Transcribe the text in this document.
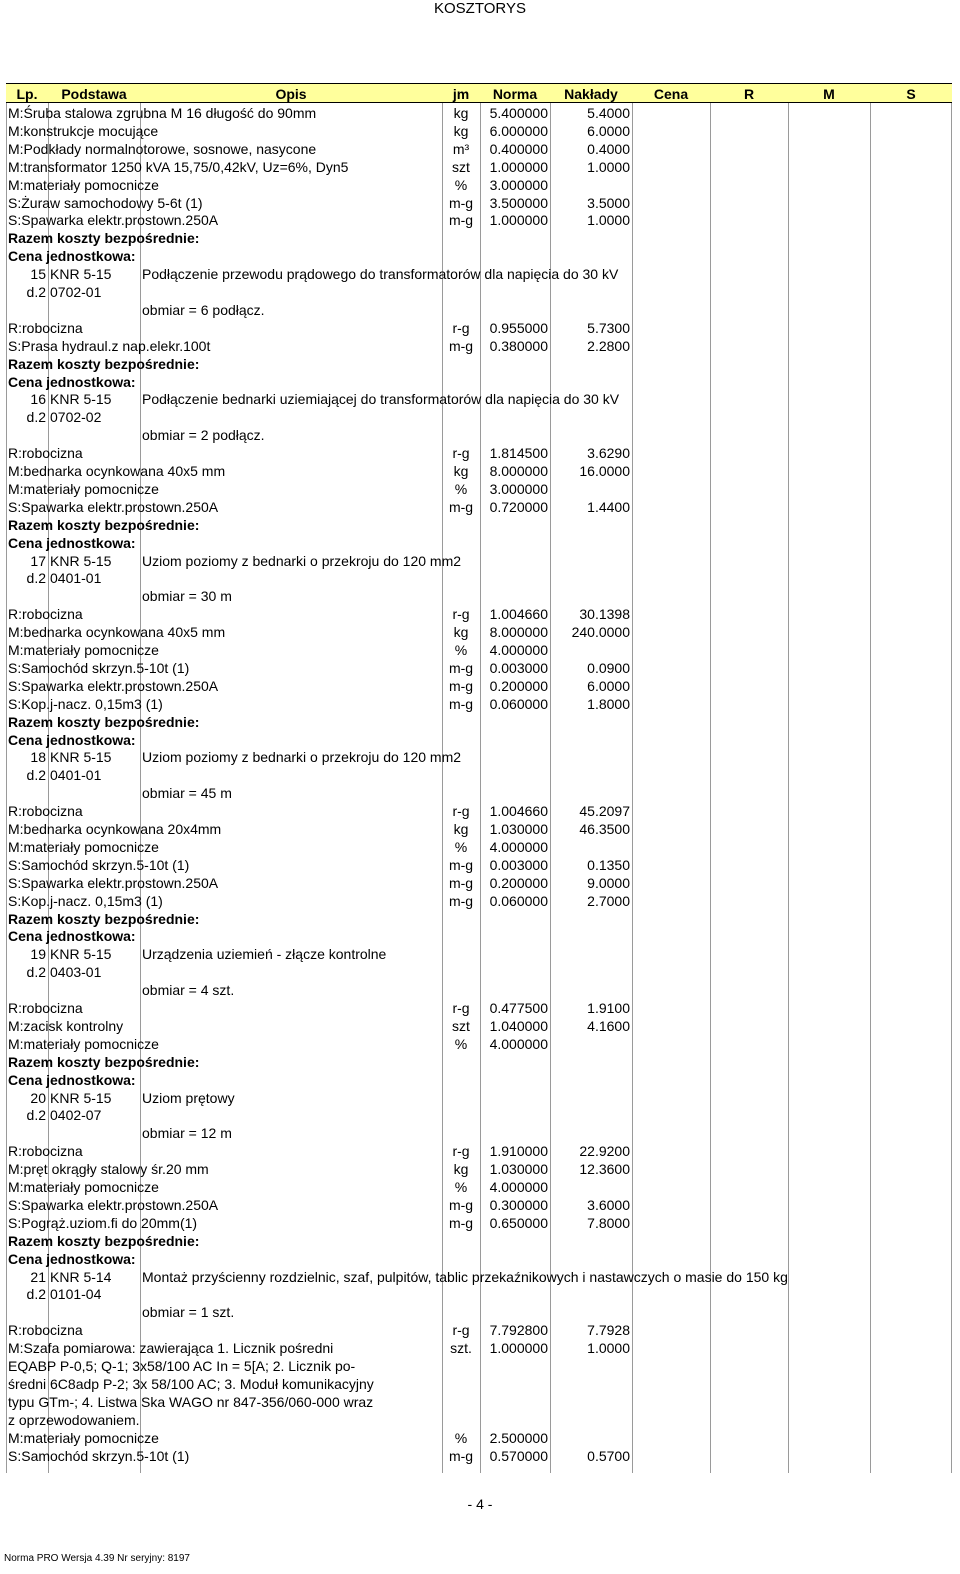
KOSZTORYS
Lp.	Podstawa	Opis	jm	Norma	Nakłady	Cena	R	M	S
M:Śruba stalowa zgrubna M 16 długość do 90mm	kg	5.400000	5.4000
M:konstrukcje mocujące	kg	6.000000	6.0000
M:Podkłady normalnotorowe, sosnowe, nasycone	m³	0.400000	0.4000
M:transformator 1250 kVA 15,75/0,42kV, Uz=6%, Dyn5	szt	1.000000	1.0000
M:materiały pomocnicze	%	3.000000
S:Żuraw samochodowy 5-6t (1)	m-g	3.500000	3.5000
S:Spawarka elektr.prostown.250A	m-g	1.000000	1.0000
Razem koszty bezpośrednie:
Cena jednostkowa:
15 KNR 5-15 Podłączenie przewodu prądowego do transformatorów dla napięcia do 30 kV
d.2 0702-01
obmiar = 6 podłącz.
R:robocizna	r-g	0.955000	5.7300
S:Prasa hydraul.z nap.elekr.100t	m-g	0.380000	2.2800
Razem koszty bezpośrednie:
Cena jednostkowa:
16 KNR 5-15 Podłączenie bednarki uziemiającej do transformatorów dla napięcia do 30 kV
d.2 0702-02
obmiar = 2 podłącz.
R:robocizna	r-g	1.814500	3.6290
M:bednarka ocynkowana 40x5 mm	kg	8.000000	16.0000
M:materiały pomocnicze	%	3.000000
S:Spawarka elektr.prostown.250A	m-g	0.720000	1.4400
Razem koszty bezpośrednie:
Cena jednostkowa:
17 KNR 5-15 Uziom poziomy z bednarki o przekroju do 120 mm2
d.2 0401-01
obmiar = 30 m
R:robocizna	r-g	1.004660	30.1398
M:bednarka ocynkowana 40x5 mm	kg	8.000000	240.0000
M:materiały pomocnicze	%	4.000000
S:Samochód skrzyn.5-10t (1)	m-g	0.003000	0.0900
S:Spawarka elektr.prostown.250A	m-g	0.200000	6.0000
S:Kop.j-nacz. 0,15m3 (1)	m-g	0.060000	1.8000
Razem koszty bezpośrednie:
Cena jednostkowa:
18 KNR 5-15 Uziom poziomy z bednarki o przekroju do 120 mm2
d.2 0401-01
obmiar = 45 m
R:robocizna	r-g	1.004660	45.2097
M:bednarka ocynkowana 20x4mm	kg	1.030000	46.3500
M:materiały pomocnicze	%	4.000000
S:Samochód skrzyn.5-10t (1)	m-g	0.003000	0.1350
S:Spawarka elektr.prostown.250A	m-g	0.200000	9.0000
S:Kop.j-nacz. 0,15m3 (1)	m-g	0.060000	2.7000
Razem koszty bezpośrednie:
Cena jednostkowa:
19 KNR 5-15 Urządzenia uziemień - złącze kontrolne
d.2 0403-01
obmiar = 4 szt.
R:robocizna	r-g	0.477500	1.9100
M:zacisk kontrolny	szt	1.040000	4.1600
M:materiały pomocnicze	%	4.000000
Razem koszty bezpośrednie:
Cena jednostkowa:
20 KNR 5-15 Uziom prętowy
d.2 0402-07
obmiar = 12 m
R:robocizna	r-g	1.910000	22.9200
M:pręt okrągły stalowy śr.20 mm	kg	1.030000	12.3600
M:materiały pomocnicze	%	4.000000
S:Spawarka elektr.prostown.250A	m-g	0.300000	3.6000
S:Pogrąż.uziom.fi do 20mm(1)	m-g	0.650000	7.8000
Razem koszty bezpośrednie:
Cena jednostkowa:
21 KNR 5-14 Montaż przyścienny rozdzielnic, szaf, pulpitów, tablic przekaźnikowych i nastawczych o masie do 150 kg
d.2 0101-04
obmiar = 1 szt.
R:robocizna	r-g	7.792800	7.7928
M:Szafa pomiarowa: zawierająca 1. Licznik pośredni	szt.	1.000000	1.0000
EQABP P-0,5; Q-1; 3x58/100 AC In = 5[A; 2. Licznik po-
średni 6C8adp P-2; 3x 58/100 AC; 3. Moduł komunikacyjny
typu GTm-; 4. Listwa Ska WAGO nr 847-356/060-000 wraz
z oprzewodowaniem.
M:materiały pomocnicze	%	2.500000
S:Samochód skrzyn.5-10t (1)	m-g	0.570000	0.5700
- 4 -
Norma PRO Wersja 4.39 Nr seryjny: 8197
